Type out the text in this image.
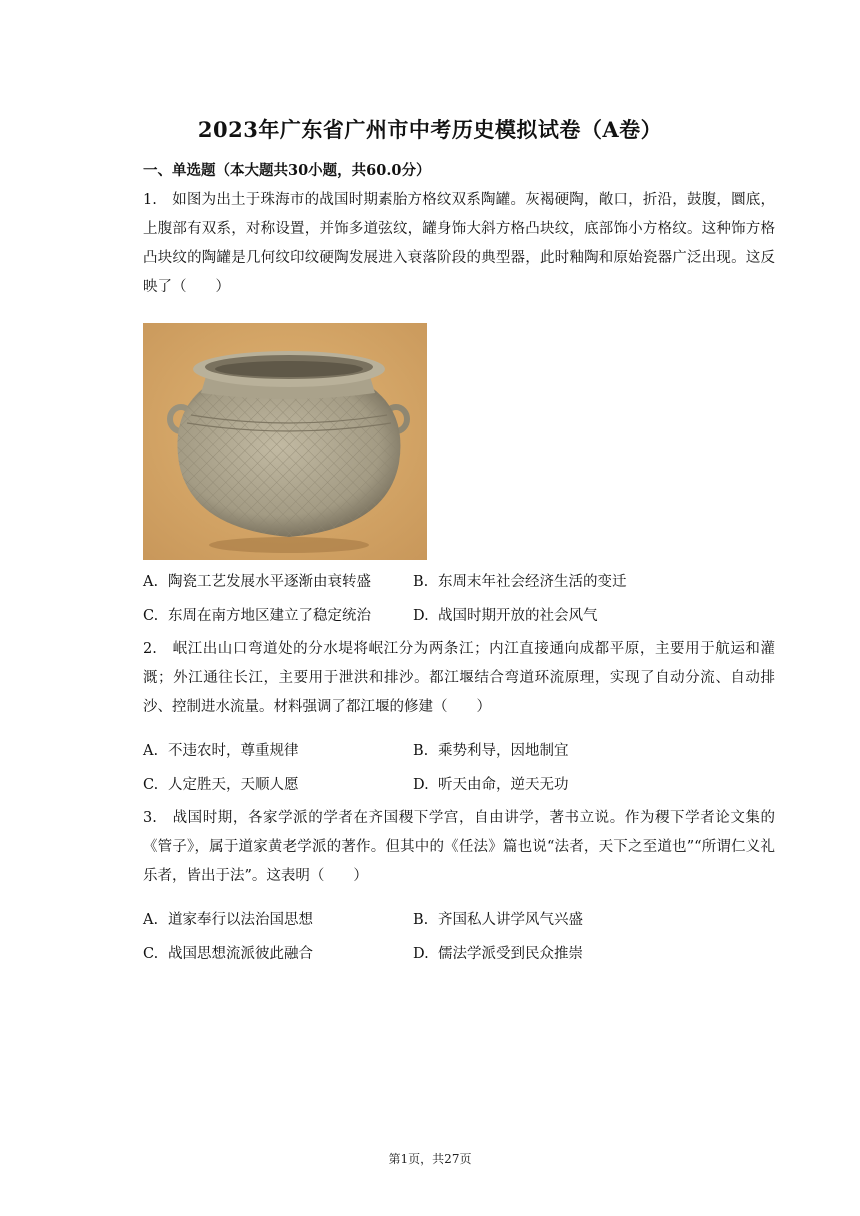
2023年广东省广州市中考历史模拟试卷（A卷）
一、单选题（本大题共30小题，共60.0分）
1. 如图为出土于珠海市的战国时期素胎方格纹双系陶罐。灰褐硬陶，敞口，折沿，鼓腹，圜底，上腹部有双系，对称设置，并饰多道弦纹，罐身饰大斜方格凸块纹，底部饰小方格纹。这种饰方格凸块纹的陶罐是几何纹印纹硬陶发展进入衰落阶段的典型器，此时釉陶和原始瓷器广泛出现。这反映了（　　）
A. 陶瓷工艺发展水平逐渐由衰转盛	B. 东周末年社会经济生活的变迁
C. 东周在南方地区建立了稳定统治	D. 战国时期开放的社会风气
2. 岷江出山口弯道处的分水堤将岷江分为两条江；内江直接通向成都平原，主要用于航运和灌溉；外江通往长江，主要用于泄洪和排沙。都江堰结合弯道环流原理，实现了自动分流、自动排沙、控制进水流量。材料强调了都江堰的修建（　　）
A. 不违农时，尊重规律	B. 乘势利导，因地制宜
C. 人定胜天，天顺人愿	D. 听天由命，逆天无功
3. 战国时期，各家学派的学者在齐国稷下学宫，自由讲学，著书立说。作为稷下学者论文集的《管子》，属于道家黄老学派的著作。但其中的《任法》篇也说“法者，天下之至道也”“所谓仁义礼乐者，皆出于法”。这表明（　　）
A. 道家奉行以法治国思想	B. 齐国私人讲学风气兴盛
C. 战国思想流派彼此融合	D. 儒法学派受到民众推崇
第1页，共27页
